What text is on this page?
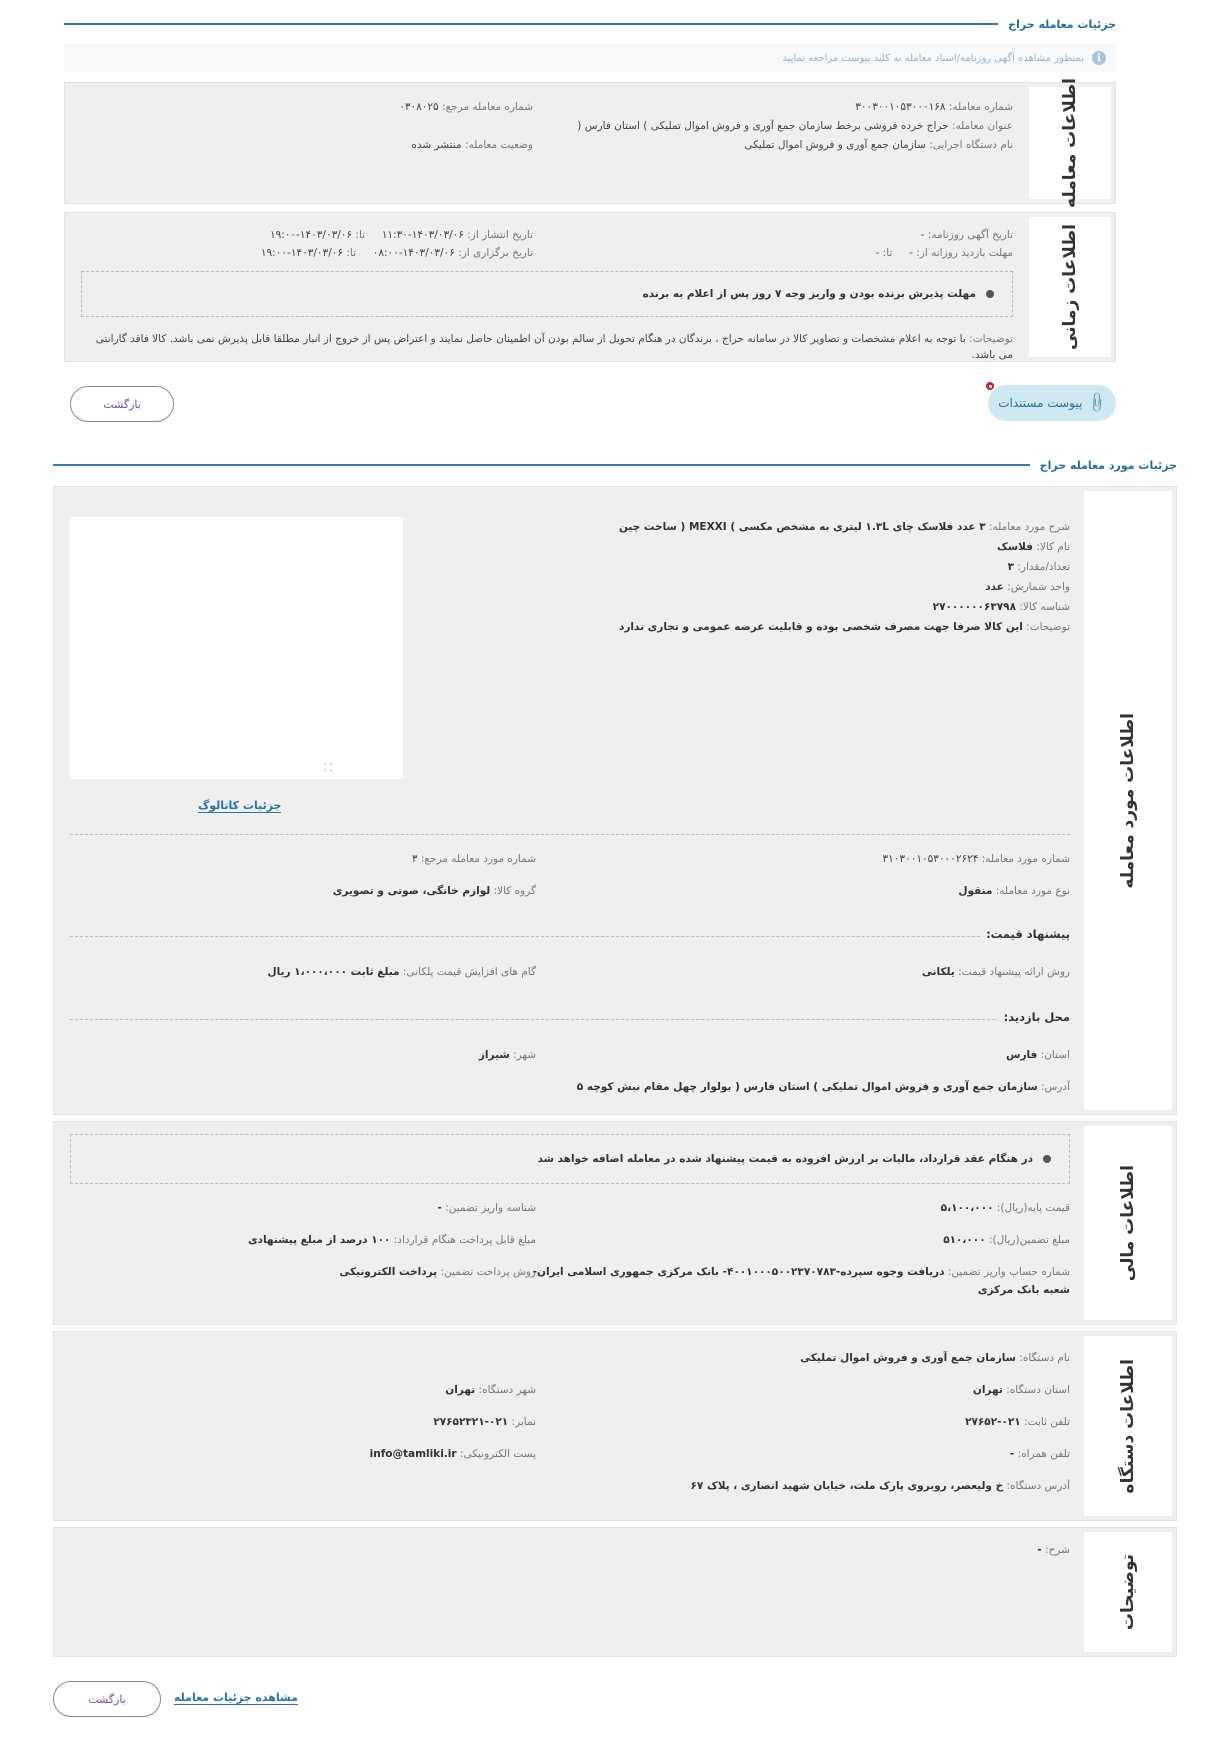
جزئیات معامله حراج
i
بمنظور مشاهده آگهی روزنامه/اسناد معامله به کلید پیوست مراجعه نمایید
اطلاعات معامله
شماره معامله: ۳۰۰۳۰۰۱۰۵۳۰۰۰۱۶۸
شماره معامله مرجع: ۰۳۰۸۰۲۵
عنوان معامله: حراج خرده فروشی برخط سازمان جمع آوری و فروش اموال تملیکی ) استان فارس (
نام دستگاه اجرایی: سازمان جمع آوری و فروش اموال تملیکی
وضعیت معامله: منتشر شده
اطلاعات زمانی
تاریخ آگهی روزنامه: -
تاریخ انتشار از: ۱۴۰۳/۰۳/۰۶-۱۱:۳۰     تا: ۱۴۰۳/۰۳/۰۶-۱۹:۰۰
مهلت بازدید روزانه از: -     تا: -
تاریخ برگزاری از: ۱۴۰۳/۰۳/۰۶-۰۸:۰۰     تا: ۱۴۰۳/۰۳/۰۶-۱۹:۰۰
مهلت پذیرش برنده بودن و واریز وجه ۷ روز پس از اعلام به برنده
توضیحات: با توجه به اعلام مشخصات و تصاویر کالا در سامانه حراج ، برندگان در هنگام تحویل از سالم بودن آن اطمینان حاصل نمایند و اعتراض پس از خروج از انبار مطلقا قابل پذیرش نمی باشد. کالا فاقد گارانتی می باشد.
📎
پیوست مستندات
بازگشت
جزئیات مورد معامله حراج
اطلاعات مورد معامله
شرح مورد معامله: ۳ عدد فلاسک چای ۱.۳L لیتری به مشخص مکسی ) MEXXI ( ساخت چین
نام کالا: فلاسک
تعداد/مقدار: ۳
واحد شمارش: عدد
شناسه کالا: ۲۷۰۰۰۰۰۰۶۳۷۹۸
توضیحات: این کالا صرفا جهت مصرف شخصی بوده و قابلیت عرضه عمومی و تجاری ندارد
⛶
جزئیات کاتالوگ
شماره مورد معامله: ۳۱۰۳۰۰۱۰۵۳۰۰۰۲۶۲۴
شماره مورد معامله مرجع: ۳
نوع مورد معامله: منقول
گروه کالا: لوازم خانگی، صوتی و تصویری
پیشنهاد قیمت:
روش ارائه پیشنهاد قیمت: یلکانی
گام های افزایش قیمت پلکانی: مبلغ ثابت ۱،۰۰۰،۰۰۰ ریال
محل بازدید:
استان: فارس
شهر: شیراز
آدرس: سازمان جمع آوری و فروش اموال تملیکی ) استان فارس ( بولوار چهل مقام نبش کوچه ۵
اطلاعات مالی
در هنگام عقد قرارداد، مالیات بر ارزش افزوده به قیمت پیشنهاد شده در معامله اضافه خواهد شد
قیمت پایه(ریال): ۵،۱۰۰،۰۰۰
شناسه واریز تضمین: -
مبلغ تضمین(ریال): ۵۱۰،۰۰۰
مبلغ قابل پرداخت هنگام قرارداد: ۱۰۰ درصد از مبلغ پیشنهادی
شماره حساب واریز تضمین: دریافت وجوه سپرده-۴۰۰۱۰۰۰۵۰۰۲۳۷۰۷۸۳- بانک مرکزی جمهوری اسلامی ایران-
شعبه بانک مرکزی
روش پرداخت تضمین: پرداخت الکترونیکی
اطلاعات دستگاه
نام دستگاه: سازمان جمع آوری و فروش اموال تملیکی
استان دستگاه: تهران
شهر دستگاه: تهران
تلفن ثابت: ۰۲۱-۲۷۶۵۲
نمابر: ۰۲۱-۲۷۶۵۲۳۲۱
تلفن همراه: -
پست الکترونیکی: info@tamliki.ir
آدرس دستگاه: خ ولیعصر، روبروی پارک ملت، خیابان شهید انصاری ، پلاک ۶۷
توضیحات
شرح: -
بازگشت	مشاهده جزئیات معامله
